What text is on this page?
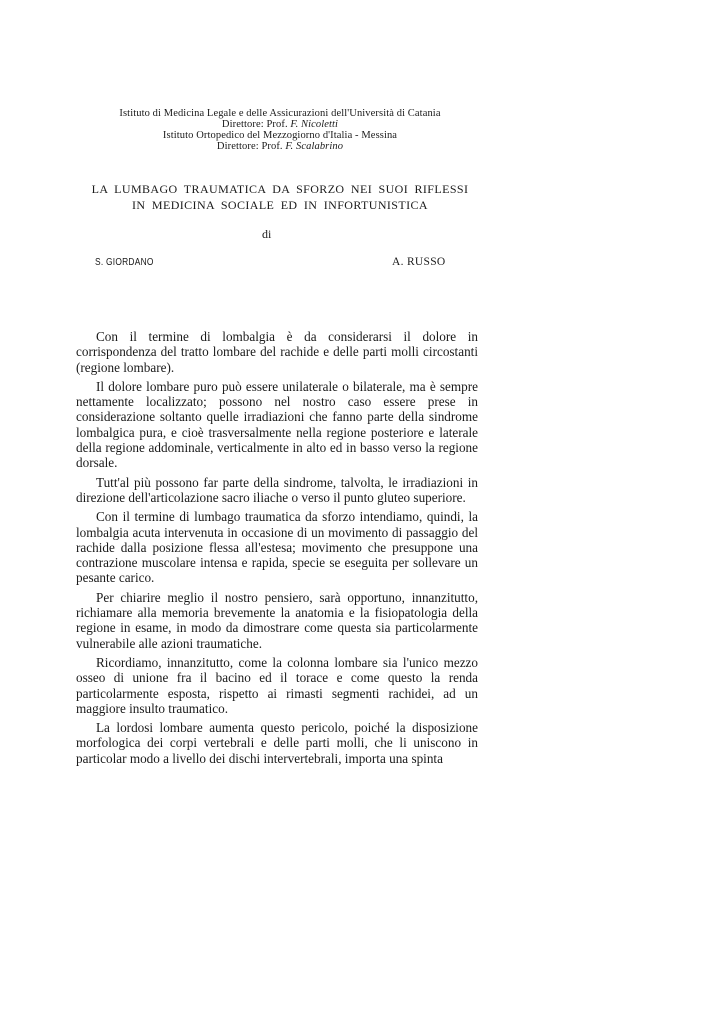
Istituto di Medicina Legale e delle Assicurazioni dell'Università di Catania
Direttore: Prof. F. Nicoletti
Istituto Ortopedico del Mezzogiorno d'Italia - Messina
Direttore: Prof. F. Scalabrino
LA LUMBAGO TRAUMATICA DA SFORZO NEI SUOI RIFLESSI
IN MEDICINA SOCIALE ED IN INFORTUNISTICA
di
S. GIORDANO	A. RUSSO

Con il termine di lombalgia è da considerarsi il dolore in corrispondenza del tratto lombare del rachide e delle parti molli circostanti (regione lombare).

Il dolore lombare puro può essere unilaterale o bilaterale, ma è sempre nettamente localizzato; possono nel nostro caso essere prese in considerazione soltanto quelle irradiazioni che fanno parte della sindrome lombalgica pura, e cioè trasversalmente nella regione posteriore e laterale della regione addominale, verticalmente in alto ed in basso verso la regione dorsale.

Tutt'al più possono far parte della sindrome, talvolta, le irradiazioni in direzione dell'articolazione sacro iliache o verso il punto gluteo superiore.

Con il termine di lumbago traumatica da sforzo intendiamo, quindi, la lombalgia acuta intervenuta in occasione di un movimento di passaggio del rachide dalla posizione flessa all'estesa; movimento che presuppone una contrazione muscolare intensa e rapida, specie se eseguita per sollevare un pesante carico.

Per chiarire meglio il nostro pensiero, sarà opportuno, innanzitutto, richiamare alla memoria brevemente la anatomia e la fisiopatologia della regione in esame, in modo da dimostrare come questa sia particolarmente vulnerabile alle azioni traumatiche.

Ricordiamo, innanzitutto, come la colonna lombare sia l'unico mezzo osseo di unione fra il bacino ed il torace e come questo la renda particolarmente esposta, rispetto ai rimasti segmenti rachidei, ad un maggiore insulto traumatico.

La lordosi lombare aumenta questo pericolo, poiché la disposizione morfologica dei corpi vertebrali e delle parti molli, che li uniscono in particolar modo a livello dei dischi intervertebrali, importa una spinta
